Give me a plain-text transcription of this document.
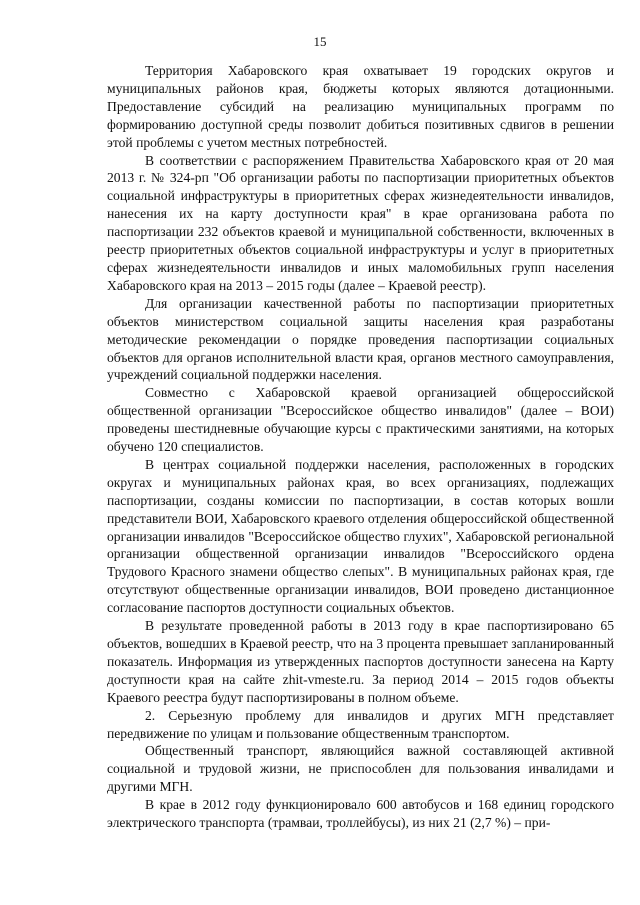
15

Территория Хабаровского края охватывает 19 городских округов и муниципальных районов края, бюджеты которых являются дотационными. Предоставление субсидий на реализацию муниципальных программ по формированию доступной среды позволит добиться позитивных сдвигов в решении этой проблемы с учетом местных потребностей.

В соответствии с распоряжением Правительства Хабаровского края от 20 мая 2013 г. № 324-рп "Об организации работы по паспортизации приоритетных объектов социальной инфраструктуры в приоритетных сферах жизнедеятельности инвалидов, нанесения их на карту доступности края" в крае организована работа по паспортизации 232 объектов краевой и муниципальной собственности, включенных в реестр приоритетных объектов социальной инфраструктуры и услуг в приоритетных сферах жизнедеятельности инвалидов и иных маломобильных групп населения Хабаровского края на 2013 – 2015 годы (далее – Краевой реестр).

Для организации качественной работы по паспортизации приоритетных объектов министерством социальной защиты населения края разработаны методические рекомендации о порядке проведения паспортизации социальных объектов для органов исполнительной власти края, органов местного самоуправления, учреждений социальной поддержки населения.

Совместно с Хабаровской краевой организацией общероссийской общественной организации "Всероссийское общество инвалидов" (далее – ВОИ) проведены шестидневные обучающие курсы с практическими занятиями, на которых обучено 120 специалистов.

В центрах социальной поддержки населения, расположенных в городских округах и муниципальных районах края, во всех организациях, подлежащих паспортизации, созданы комиссии по паспортизации, в состав которых вошли представители ВОИ, Хабаровского краевого отделения общероссийской общественной организации инвалидов "Всероссийское общество глухих", Хабаровской региональной организации общественной организации инвалидов "Всероссийского ордена Трудового Красного знамени общество слепых". В муниципальных районах края, где отсутствуют общественные организации инвалидов, ВОИ проведено дистанционное согласование паспортов доступности социальных объектов.

В результате проведенной работы в 2013 году в крае паспортизировано 65 объектов, вошедших в Краевой реестр, что на 3 процента превышает запланированный показатель. Информация из утвержденных паспортов доступности занесена на Карту доступности края на сайте zhit-vmeste.ru. За период 2014 – 2015 годов объекты Краевого реестра будут паспортизированы в полном объеме.

2. Серьезную проблему для инвалидов и других МГН представляет передвижение по улицам и пользование общественным транспортом.

Общественный транспорт, являющийся важной составляющей активной социальной и трудовой жизни, не приспособлен для пользования инвалидами и другими МГН.

В крае в 2012 году функционировало 600 автобусов и 168 единиц городского электрического транспорта (трамваи, троллейбусы), из них 21 (2,7 %) – при-
